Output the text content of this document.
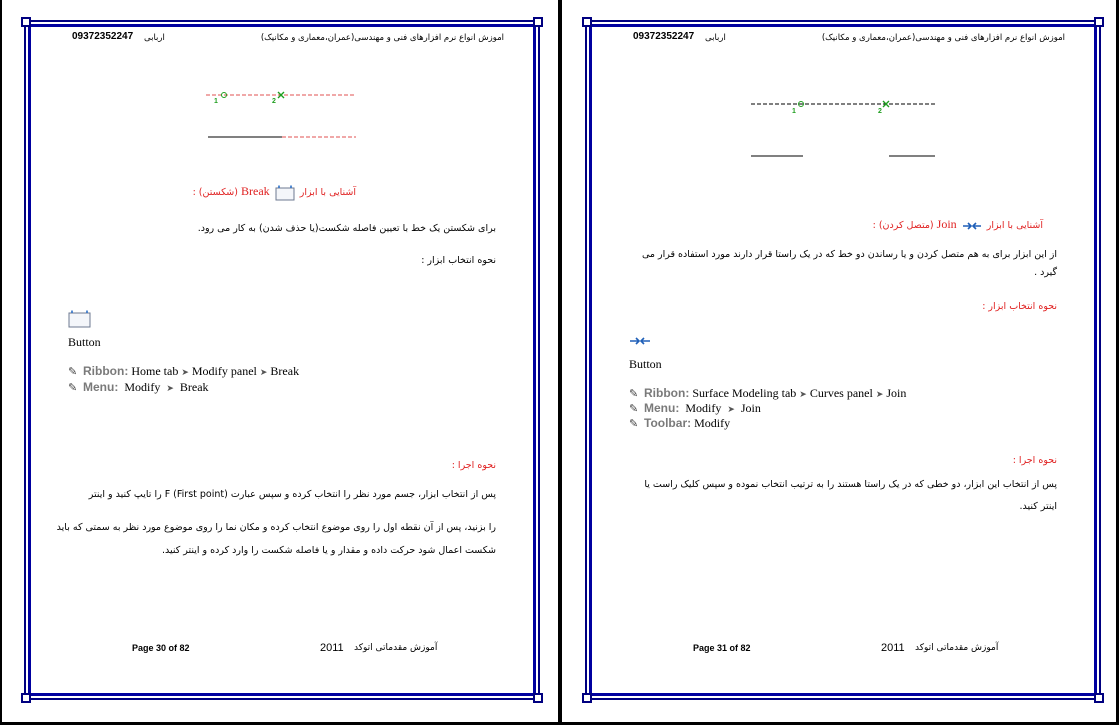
اموزش انواع نرم افزارهای فنی و مهندسی(عمران،معماری و مکانیک)
اربابی
09372352247
1	2
آشنایی با ابزار  Break (شکستن) :
برای شکستن یک خط با تعیین فاصله شکست(یا حذف شدن) به کار می رود.
نحوه انتخاب ابزار :
Button
✎ Ribbon: Home tab ➤ Modify panel ➤ Break
✎ Menu: Modify ➤ Break
نحوه اجرا :
پس از انتخاب ابزار، جسم مورد نظر را انتخاب کرده و سپس عبارت F (First point) را تایپ کنید و اینتر
را بزنید، پس از آن نقطه اول را روی موضوع انتخاب کرده و مکان نما را روی موضوع مورد نظر به سمتی که باید شکست اعمال شود حرکت داده و مقدار و یا فاصله شکست را وارد کرده و اینتر کنید.
Page 30 of 82	2011 آموزش مقدماتی اتوکد
اموزش انواع نرم افزارهای فنی و مهندسی(عمران،معماری و مکانیک)
اربابی
09372352247
1	2
آشنایی با ابزار  Join (متصل کردن) :
از این ابزار برای به هم متصل کردن و یا رساندن دو خط که در یک راستا قرار دارند مورد استفاده قرار می گیرد .
نحوه انتخاب ابزار :
Button
✎ Ribbon: Surface Modeling tab ➤ Curves panel ➤ Join
✎ Menu: Modify ➤ Join
✎ Toolbar: Modify
نحوه اجرا :
پس از انتخاب این ابزار، دو خطی که در یک راستا هستند را به ترتیب انتخاب نموده و سپس کلیک راست یا اینتر کنید.
Page 31 of 82	2011 آموزش مقدماتی اتوکد
